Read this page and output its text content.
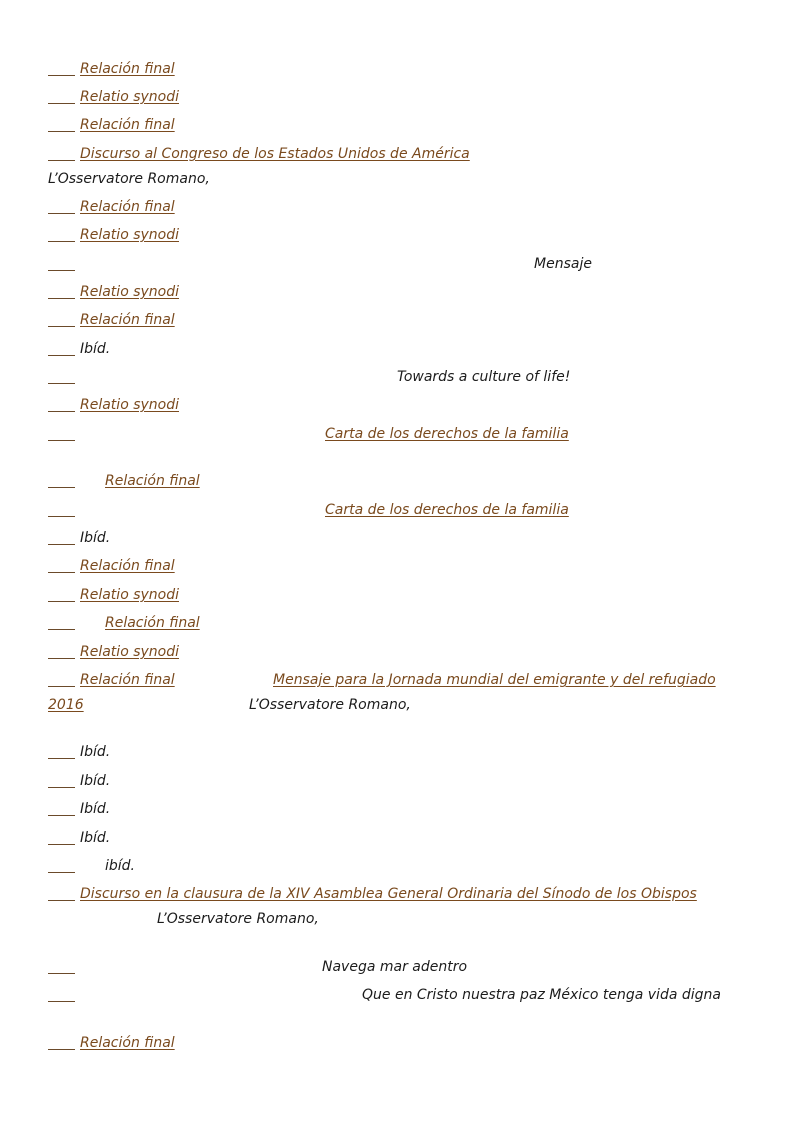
Relación final
Relatio synodi
Relación final
Discurso al Congreso de los Estados Unidos de América
L’Osservatore Romano,
Relación final
Relatio synodi
Mensaje
Relatio synodi
Relación final
Ibíd.
Towards a culture of life!
Relatio synodi
Carta de los derechos de la familia
Relación final
Carta de los derechos de la familia
Ibíd.
Relación final
Relatio synodi
Relación final
Relatio synodi
Relación final	Mensaje para la Jornada mundial del emigrante y del refugiado
2016	L’Osservatore Romano,
Ibíd.
Ibíd.
Ibíd.
Ibíd.
ibíd.
Discurso en la clausura de la XIV Asamblea General Ordinaria del Sínodo de los Obispos
L’Osservatore Romano,
Navega mar adentro
Que en Cristo nuestra paz México tenga vida digna
Relación final
